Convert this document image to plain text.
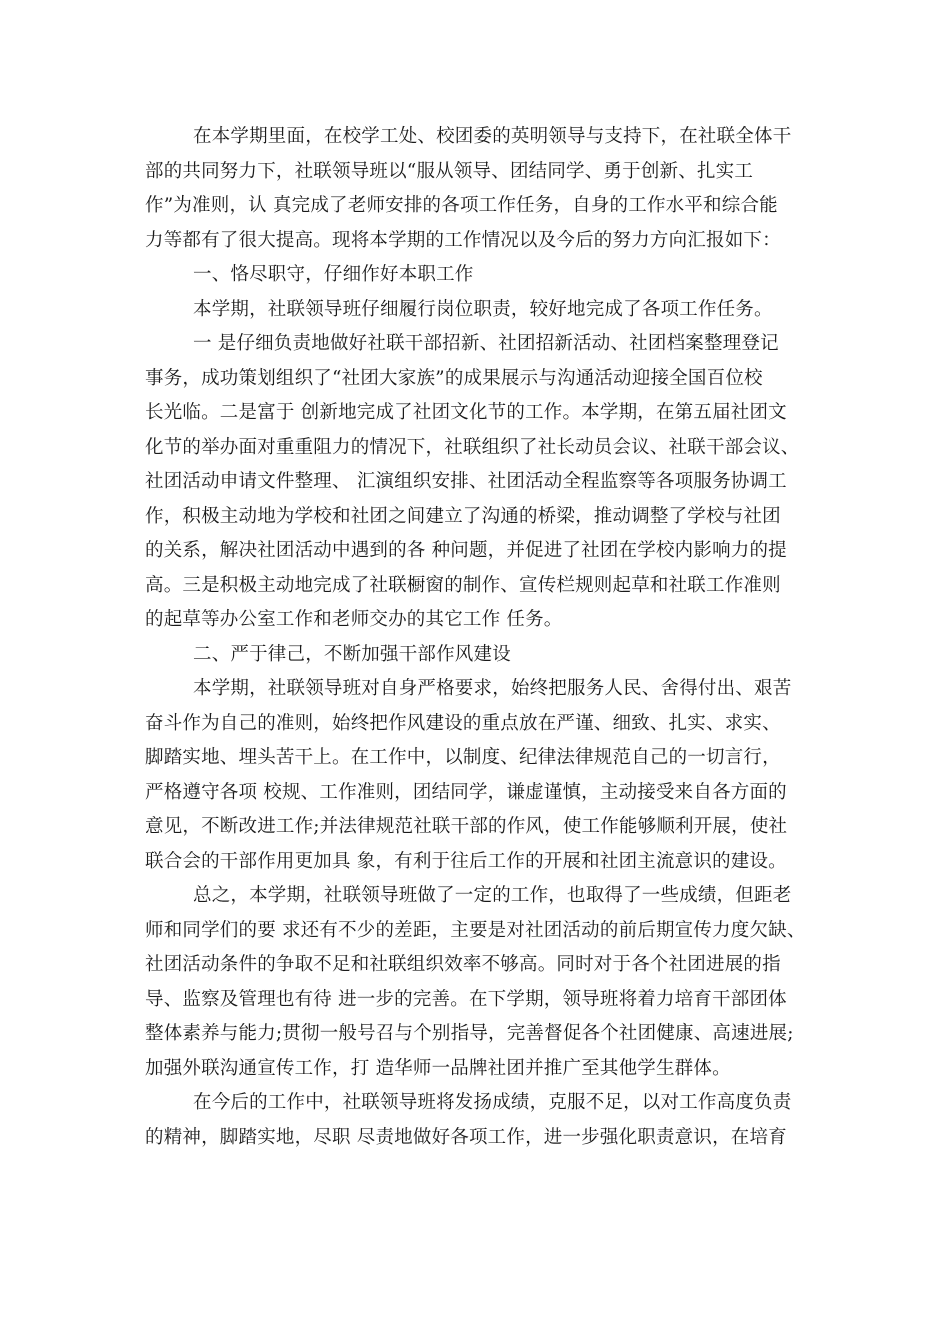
在本学期里面，在校学工处、校团委的英明领导与支持下，在社联全体干
部的共同努力下，社联领导班以“服从领导、团结同学、勇于创新、扎实工
作”为准则，认 真完成了老师安排的各项工作任务，自身的工作水平和综合能
力等都有了很大提高。现将本学期的工作情况以及今后的努力方向汇报如下：
一、恪尽职守，仔细作好本职工作
本学期，社联领导班仔细履行岗位职责，较好地完成了各项工作任务。
一 是仔细负责地做好社联干部招新、社团招新活动、社团档案整理登记
事务，成功策划组织了“社团大家族”的成果展示与沟通活动迎接全国百位校
长光临。二是富于 创新地完成了社团文化节的工作。本学期，在第五届社团文
化节的举办面对重重阻力的情况下，社联组织了社长动员会议、社联干部会议、
社团活动申请文件整理、 汇演组织安排、社团活动全程监察等各项服务协调工
作，积极主动地为学校和社团之间建立了沟通的桥梁，推动调整了学校与社团
的关系，解决社团活动中遇到的各 种问题，并促进了社团在学校内影响力的提
高。三是积极主动地完成了社联橱窗的制作、宣传栏规则起草和社联工作准则
的起草等办公室工作和老师交办的其它工作 任务。
二、严于律己，不断加强干部作风建设
本学期，社联领导班对自身严格要求，始终把服务人民、舍得付出、艰苦
奋斗作为自己的准则，始终把作风建设的重点放在严谨、细致、扎实、求实、
脚踏实地、埋头苦干上。在工作中，以制度、纪律法律规范自己的一切言行，
严格遵守各项 校规、工作准则，团结同学，谦虚谨慎，主动接受来自各方面的
意见，不断改进工作;并法律规范社联干部的作风，使工作能够顺利开展，使社
联合会的干部作用更加具 象，有利于往后工作的开展和社团主流意识的建设。
总之，本学期，社联领导班做了一定的工作，也取得了一些成绩，但距老
师和同学们的要 求还有不少的差距，主要是对社团活动的前后期宣传力度欠缺、
社团活动条件的争取不足和社联组织效率不够高。同时对于各个社团进展的指
导、监察及管理也有待 进一步的完善。在下学期，领导班将着力培育干部团体
整体素养与能力;贯彻一般号召与个别指导，完善督促各个社团健康、高速进展;
加强外联沟通宣传工作，打 造华师一品牌社团并推广至其他学生群体。
在今后的工作中，社联领导班将发扬成绩，克服不足，以对工作高度负责
的精神，脚踏实地，尽职 尽责地做好各项工作，进一步强化职责意识，在培育
